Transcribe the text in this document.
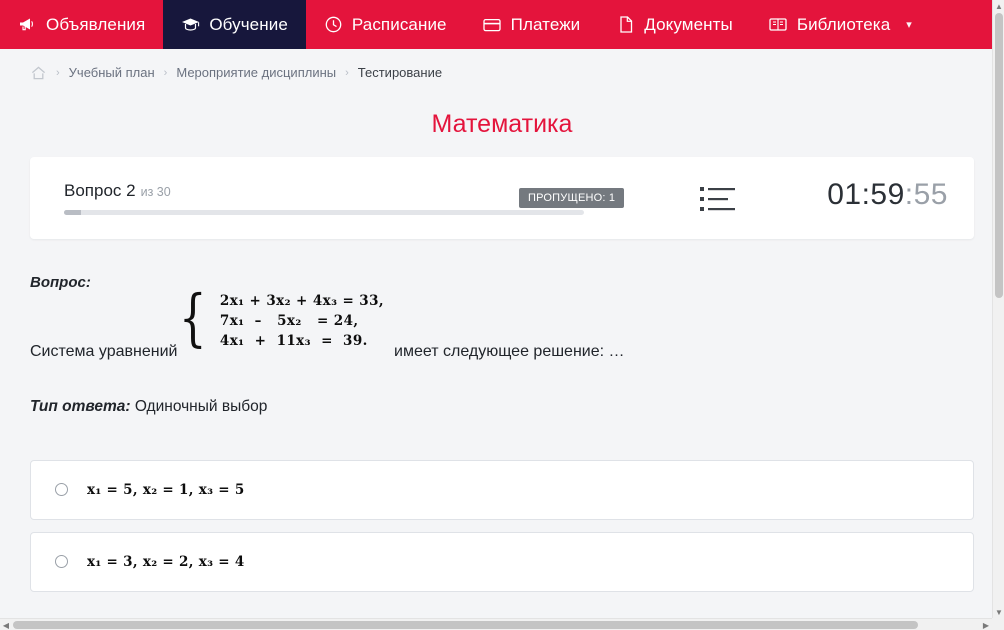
Объявления	Обучение	Расписание	Платежи	Документы	Библиотека ▾
› Учебный план › Мероприятие дисциплины › Тестирование
Математика
Вопрос 2 из 30	ПРОПУЩЕНО: 1	01:59:55
Вопрос:
Система уравнений { 2x₁ + 3x₂ + 4x₃ = 33,
7x₁  –   5x₂   = 24,
4x₁  +  11x₃  =  39.
имеет следующее решение: …
Тип ответа: Одиночный выбор
x₁ = 5, x₂ = 1, x₃ = 5
x₁ = 3, x₂ = 2, x₃ = 4
▲
▼
◀	▶
